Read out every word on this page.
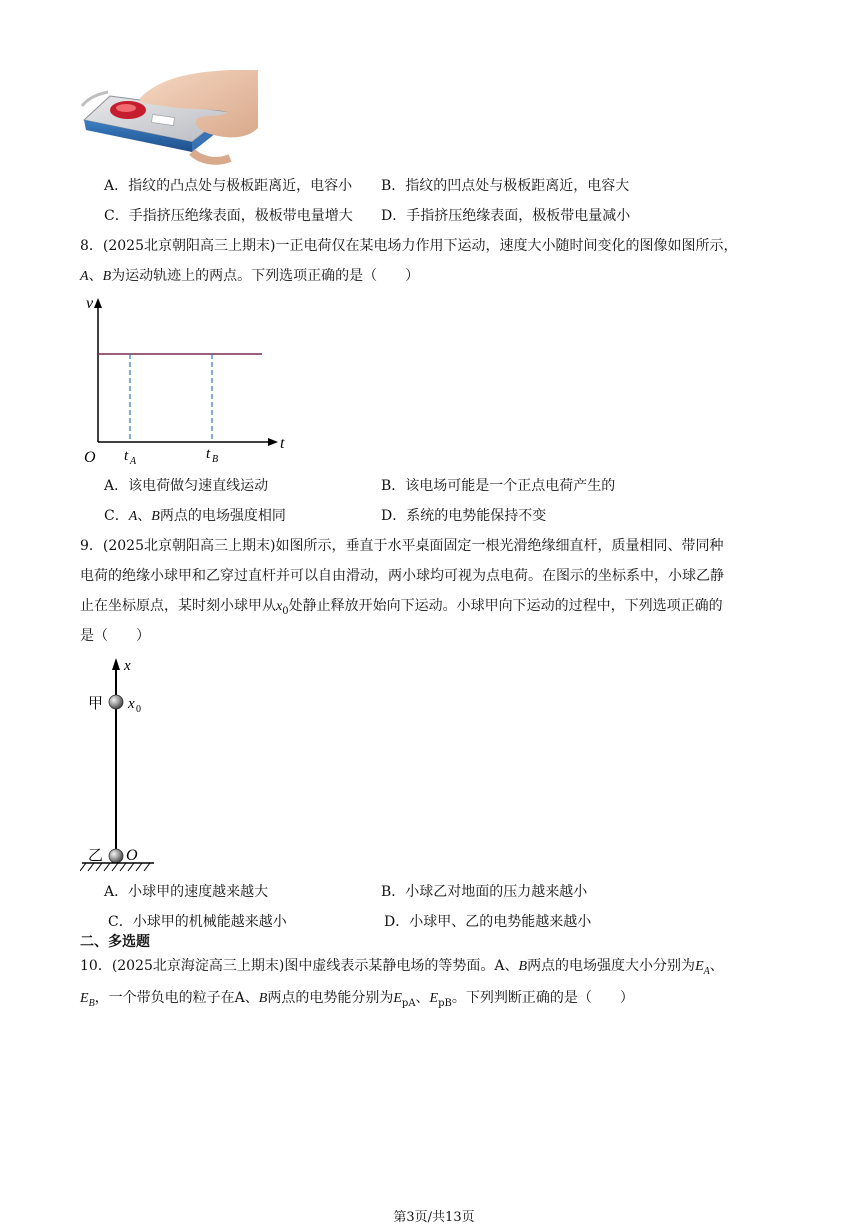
A．指纹的凸点处与极板距离近，电容小 B．指纹的凹点处与极板距离近，电容大
C．手指挤压绝缘表面，极板带电量增大 D．手指挤压绝缘表面，极板带电量减小
8．(2025北京朝阳高三上期末)一正电荷仅在某电场力作用下运动，速度大小随时间变化的图像如图所示，
A、B为运动轨迹上的两点。下列选项正确的是（　　）
v
t
O t A	t B
A．该电荷做匀速直线运动	B．该电场可能是一个正点电荷产生的
C．A、B两点的电场强度相同	D．系统的电势能保持不变
9．(2025北京朝阳高三上期末)如图所示，垂直于水平桌面固定一根光滑绝缘细直杆，质量相同、带同种
电荷的绝缘小球甲和乙穿过直杆并可以自由滑动，两小球均可视为点电荷。在图示的坐标系中，小球乙静
止在坐标原点，某时刻小球甲从$x_0$处静止释放开始向下运动。小球甲向下运动的过程中，下列选项正确的
是（　　）
x
甲 x 0
乙 O
A．小球甲的速度越来越大	B．小球乙对地面的压力越来越小
C．小球甲的机械能越来越小	D．小球甲、乙的电势能越来越小
二、多选题
10．(2025北京海淀高三上期末)图中虚线表示某静电场的等势面。A、B两点的电场强度大小分别为$E_A$、
$E_B$，一个带负电的粒子在A、B两点的电势能分别为$E_{pA}$、$E_{pB}$。下列判断正确的是（　　）
第3页/共13页
